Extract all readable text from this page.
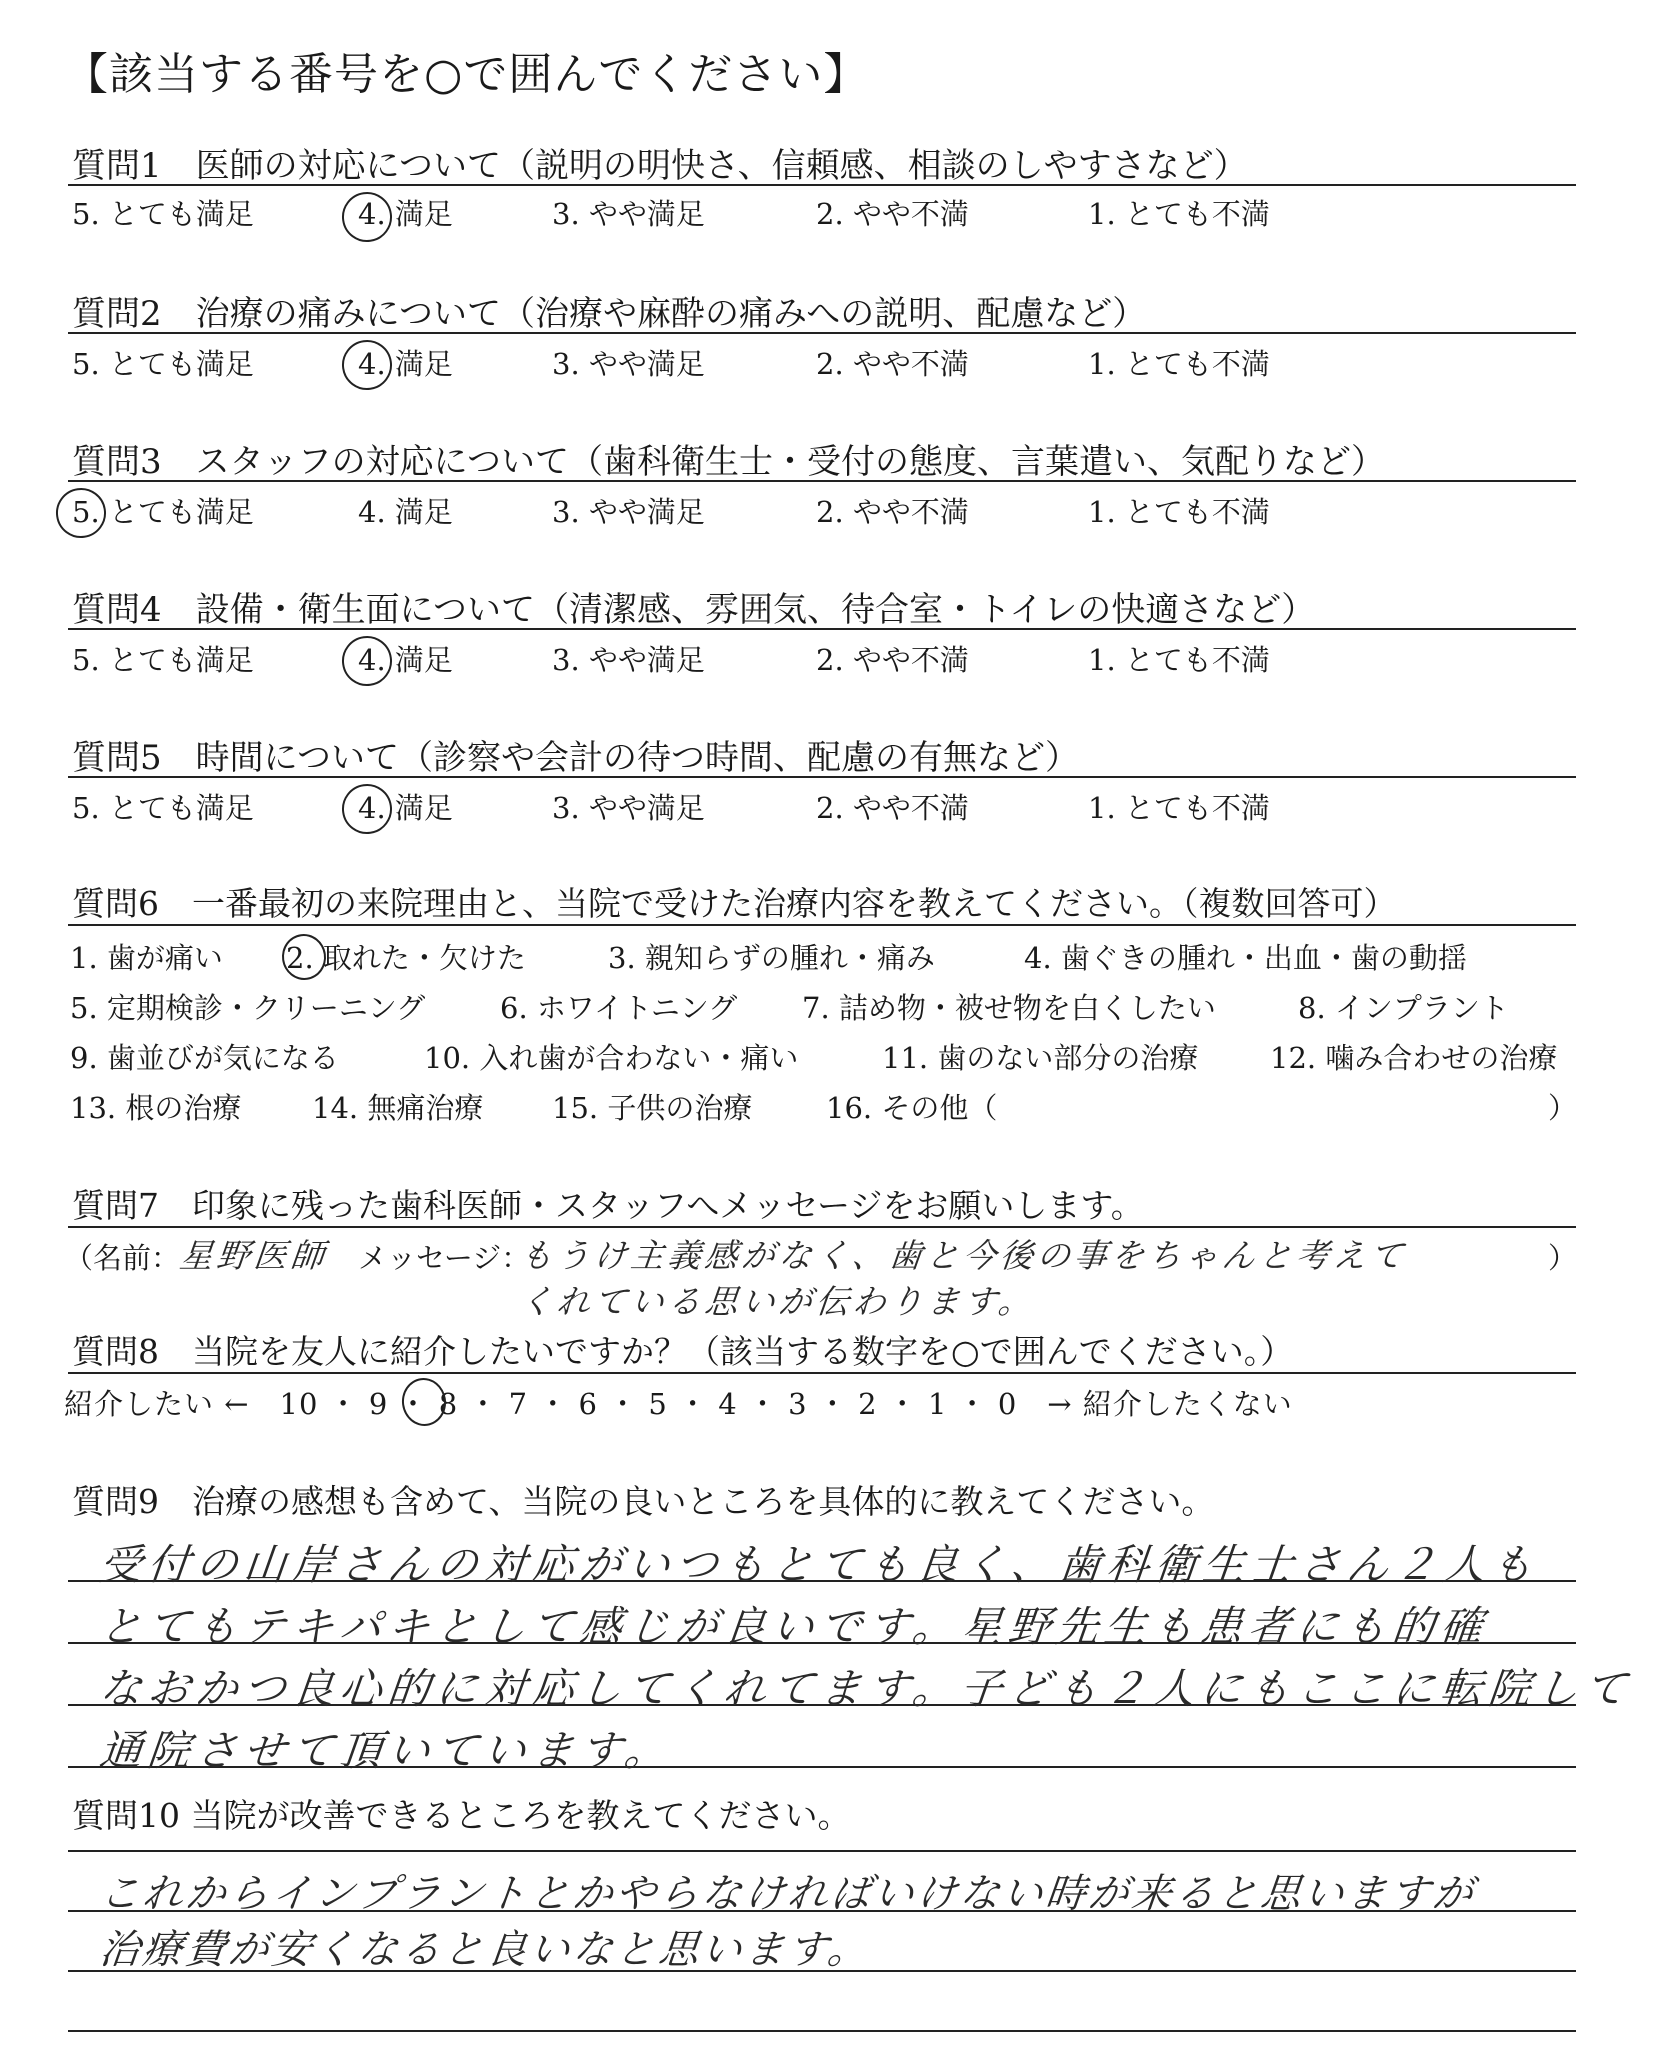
【該当する番号を○で囲んでください】
質問1　医師の対応について（説明の明快さ、信頼感、相談のしやすさなど）
5. とても満足	4. 満足	3. やや満足	2. やや不満	1. とても不満
質問2　治療の痛みについて（治療や麻酔の痛みへの説明、配慮など）
5. とても満足	4. 満足	3. やや満足	2. やや不満	1. とても不満
質問3　スタッフの対応について（歯科衛生士・受付の態度、言葉遣い、気配りなど）
5. とても満足	4. 満足	3. やや満足	2. やや不満	1. とても不満
質問4　設備・衛生面について（清潔感、雰囲気、待合室・トイレの快適さなど）
5. とても満足	4. 満足	3. やや満足	2. やや不満	1. とても不満
質問5　時間について（診察や会計の待つ時間、配慮の有無など）
5. とても満足	4. 満足	3. やや満足	2. やや不満	1. とても不満
質問6　一番最初の来院理由と、当院で受けた治療内容を教えてください。（複数回答可）
1. 歯が痛い 2. 取れた・欠けた	3. 親知らずの腫れ・痛み	4. 歯ぐきの腫れ・出血・歯の動揺
5. 定期検診・クリーニング	6. ホワイトニング 7. 詰め物・被せ物を白くしたい	8. インプラント
9. 歯並びが気になる	10. 入れ歯が合わない・痛い	11. 歯のない部分の治療 12. 噛み合わせの治療
13. 根の治療 14. 無痛治療 15. 子供の治療	16. その他（	）
質問7　印象に残った歯科医師・スタッフへメッセージをお願いします。
（名前：
星野医師 メッセージ：
もうけ主義感がなく、歯と今後の事をちゃんと考えて
くれている思いが伝わります。
）
質問8　当院を友人に紹介したいですか？（該当する数字を○で囲んでください。）
紹介したい ←　10 ・ 9 ・ 8 ・ 7 ・ 6 ・ 5 ・ 4 ・ 3 ・ 2 ・ 1 ・ 0　→ 紹介したくない
質問9　治療の感想も含めて、当院の良いところを具体的に教えてください。
受付の山岸さんの対応がいつもとても良く、歯科衛生士さん２人も
とてもテキパキとして感じが良いです。星野先生も患者にも的確
なおかつ良心的に対応してくれてます。子ども２人にもここに転院して
通院させて頂いています。
質問10 当院が改善できるところを教えてください。
これからインプラントとかやらなければいけない時が来ると思いますが
治療費が安くなると良いなと思います。
